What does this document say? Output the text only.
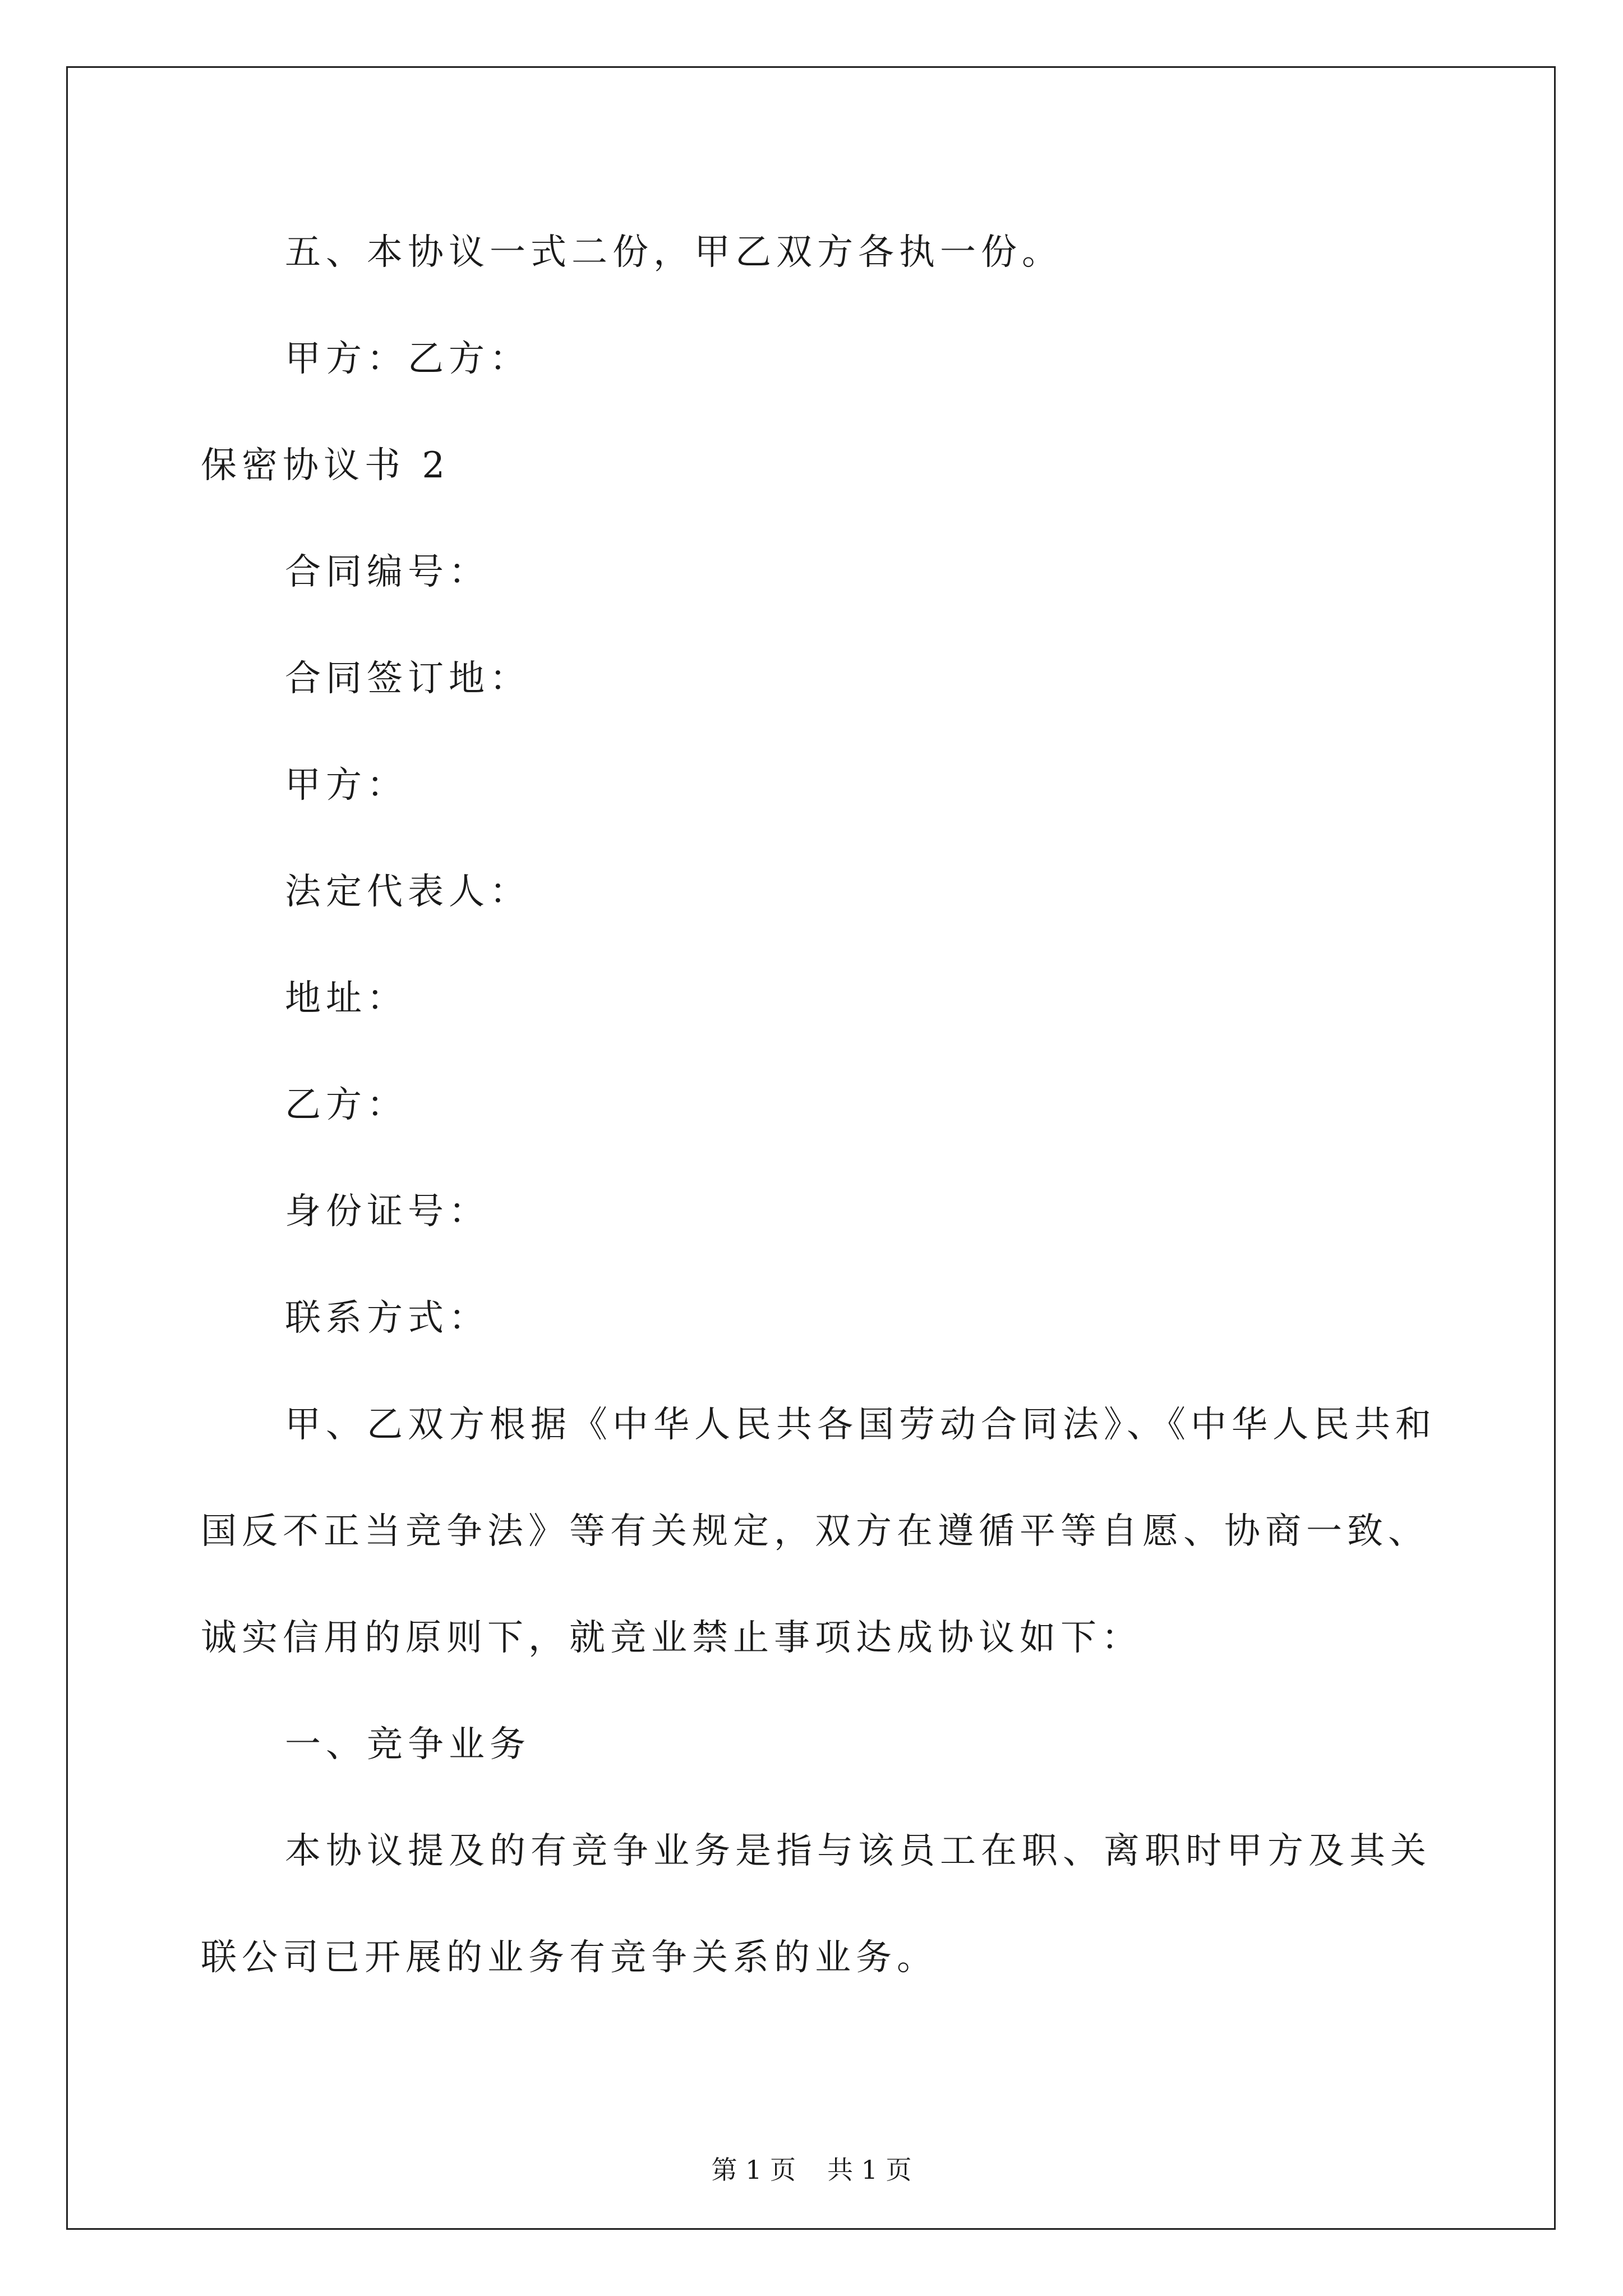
五、本协议一式二份，甲乙双方各执一份。
甲方：乙方：
保密协议书 2
合同编号：
合同签订地：
甲方：
法定代表人：
地址：
乙方：
身份证号：
联系方式：
甲、乙双方根据《中华人民共各国劳动合同法》、《中华人民共和
国反不正当竞争法》等有关规定，双方在遵循平等自愿、协商一致、
诚实信用的原则下，就竞业禁止事项达成协议如下：
一、竞争业务
本协议提及的有竞争业务是指与该员工在职、离职时甲方及其关
联公司已开展的业务有竞争关系的业务。
第 1 页 共 1 页
